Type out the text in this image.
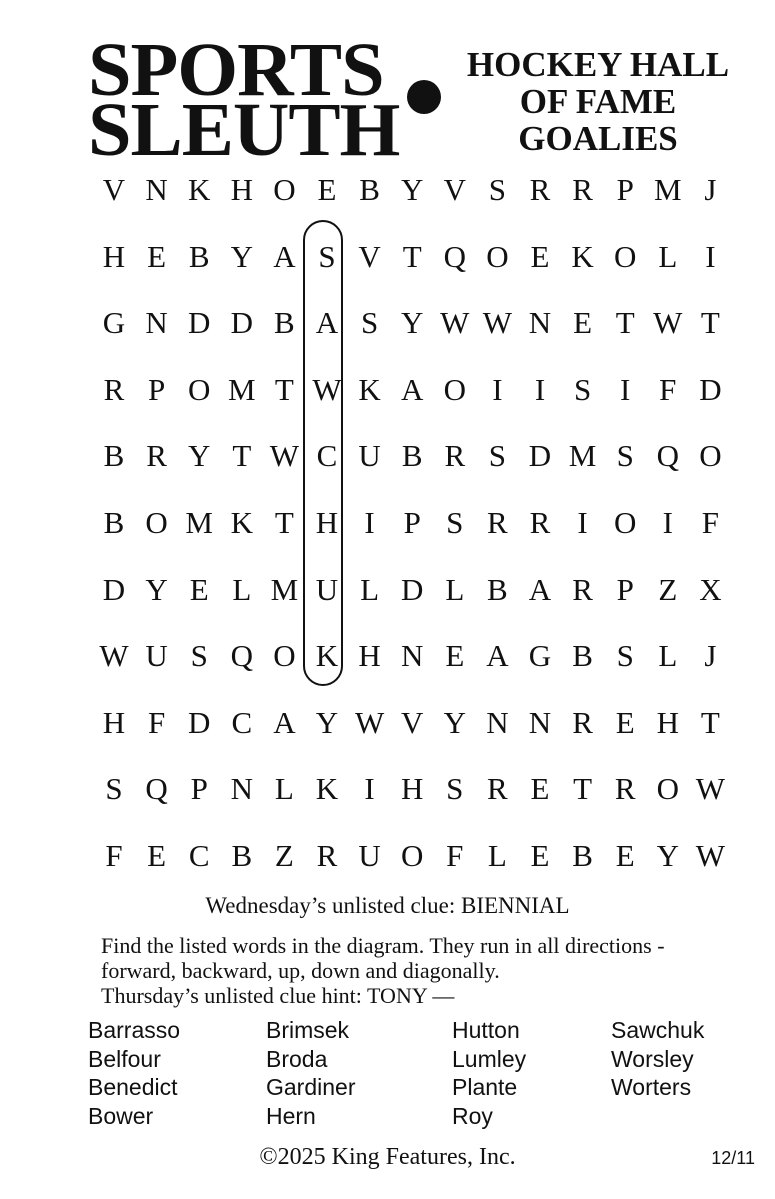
SPORTS
SLEUTH
HOCKEY HALL
OF FAME
GOALIES
V N K H O E B Y V S R R P M J
H E B Y A S V T Q O E K O L I
G N D D B A S Y W W N E T W T
R P O M T W K A O I	I S I F D
B R Y T W C U B R S D M S Q O
B O M K T H I P S R R I O I F
D Y E L M U L D L B A R P Z X
W U S Q O K H N E A G B S L J
H F D C A Y W V Y N N R E H T
S Q P N L K I H S R E T R O W
F E C B Z R U O F L E B E Y W
Wednesday’s unlisted clue: BIENNIAL
Find the listed words in the diagram. They run in all directions -
forward, backward, up, down and diagonally.
Thursday’s unlisted clue hint: TONY —
Barrasso
Belfour
Benedict
Bower
Brimsek
Broda
Gardiner
Hern
Hutton
Lumley
Plante
Roy
Sawchuk
Worsley
Worters
©2025 King Features, Inc.	12/11
